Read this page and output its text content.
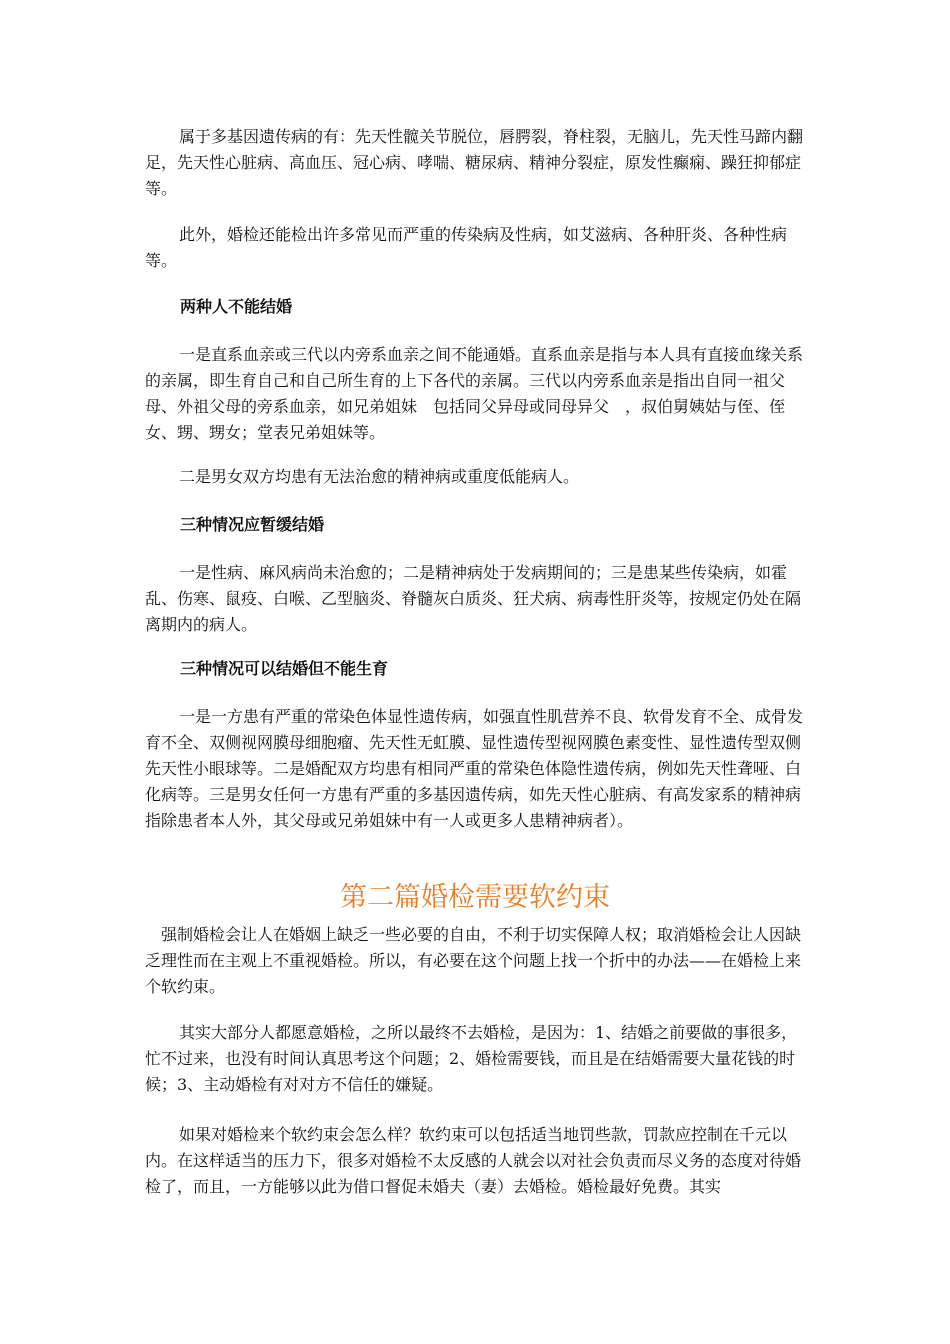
属于多基因遗传病的有：先天性髋关节脱位，唇腭裂，脊柱裂，无脑儿，先天性马蹄内翻足，先天性心脏病、高血压、冠心病、哮喘、糖尿病、精神分裂症，原发性癫痫、躁狂抑郁症等。

此外，婚检还能检出许多常见而严重的传染病及性病，如艾滋病、各种肝炎、各种性病等。

两种人不能结婚

一是直系血亲或三代以内旁系血亲之间不能通婚。直系血亲是指与本人具有直接血缘关系的亲属，即生育自己和自己所生育的上下各代的亲属。三代以内旁系血亲是指出自同一祖父母、外祖父母的旁系血亲，如兄弟姐妹　包括同父异母或同母异父　，叔伯舅姨姑与侄、侄女、甥、甥女；堂表兄弟姐妹等。

二是男女双方均患有无法治愈的精神病或重度低能病人。

三种情况应暂缓结婚

一是性病、麻风病尚未治愈的；二是精神病处于发病期间的；三是患某些传染病，如霍乱、伤寒、鼠疫、白喉、乙型脑炎、脊髓灰白质炎、狂犬病、病毒性肝炎等，按规定仍处在隔离期内的病人。

三种情况可以结婚但不能生育

一是一方患有严重的常染色体显性遗传病，如强直性肌营养不良、软骨发育不全、成骨发育不全、双侧视网膜母细胞瘤、先天性无虹膜、显性遗传型视网膜色素变性、显性遗传型双侧先天性小眼球等。二是婚配双方均患有相同严重的常染色体隐性遗传病，例如先天性聋哑、白化病等。三是男女任何一方患有严重的多基因遗传病，如先天性心脏病、有高发家系的精神病　指除患者本人外，其父母或兄弟姐妹中有一人或更多人患精神病者）。

第二篇婚检需要软约束

强制婚检会让人在婚姻上缺乏一些必要的自由，不利于切实保障人权；取消婚检会让人因缺乏理性而在主观上不重视婚检。所以，有必要在这个问题上找一个折中的办法——在婚检上来个软约束。

其实大部分人都愿意婚检，之所以最终不去婚检，是因为：1、结婚之前要做的事很多，忙不过来，也没有时间认真思考这个问题；2、婚检需要钱，而且是在结婚需要大量花钱的时候；3、主动婚检有对对方不信任的嫌疑。

如果对婚检来个软约束会怎么样？软约束可以包括适当地罚些款，罚款应控制在千元以内。在这样适当的压力下，很多对婚检不太反感的人就会以对社会负责而尽义务的态度对待婚检了，而且，一方能够以此为借口督促未婚夫（妻）去婚检。婚检最好免费。其实
